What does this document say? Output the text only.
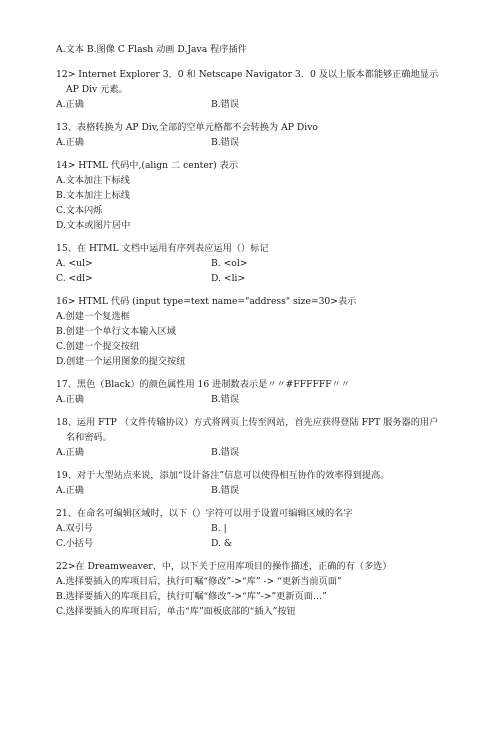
A.文本 B.图像 C Flash 动画 D.Java 程序插件
12> Internet Explorer 3．0 和 Netscape Navigator 3．0 及以上版本都能够正确地显示
AP Div 元素。
A.正确	B.错误
13、表格转换为 AP Div,全部的空单元格都不会转换为 AP Divo
A.正确	B.错误
14> HTML 代码中,(align 二 center) 表示
A.文本加注下标线
B.文本加注上标线
C.文本闪烁
D.文本或图片居中
15、在 HTML 文档中运用有序列表应运用（）标记
A. <ul>	B. <ol>
C. <dl>	D. <li>
16> HTML 代码 (input type=text name="address" size=30>表示
A.创建一个复选框
B.创建一个单行文本输入区域
C.创建一个提交按纽
D.创建一个运用图象的提交按纽
17、黑色（Black）的颜色属性用 16 进制数表示是〃〃#FFFFFF〃〃
A.正确	B.错误
18、运用 FTP （文件传输协议）方式将网页上传至网站，首先应获得登陆 FPT 服务器的用户
名和密码。
A.正确	B.错误
19、对于大型站点来说，添加“设计备注”信息可以使得相互协作的效率得到提高。
A.正确	B.错误
21、在命名可编辑区域时，以下（）字符可以用于设置可编辑区域的名字
A.双引号	B. |
C.小括号	D. &
22>在 Dreamweaver、中，以下关于应用库项目的操作描述，正确的有（多选）
A.选择要插入的库项目后，执行叮嘱“修改”->“库” -> “更新当前页面”
B.选择要插入的库项目后，执行叮嘱“修改”->“库”->”更新页面…”
C.选择要插入的库项目后，单击“库”面板底部的“插入”按钮
